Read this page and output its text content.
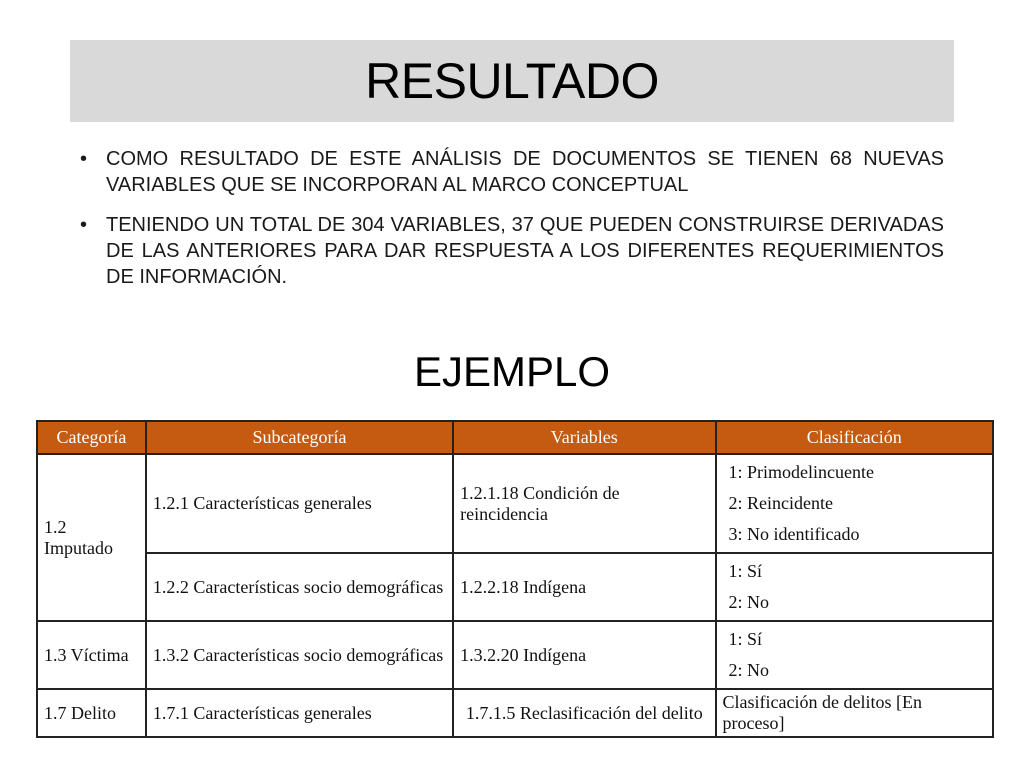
RESULTADO
• COMO RESULTADO DE ESTE ANÁLISIS DE DOCUMENTOS SE TIENEN 68 NUEVAS VARIABLES QUE SE INCORPORAN AL MARCO CONCEPTUAL
• TENIENDO UN TOTAL DE 304 VARIABLES, 37 QUE PUEDEN CONSTRUIRSE DERIVADAS DE LAS ANTERIORES PARA DAR RESPUESTA A LOS DIFERENTES REQUERIMIENTOS DE INFORMACIÓN.
EJEMPLO
Categoría	Subcategoría	Variables	Clasificación
1.2 Imputado	1.2.1 Características generales	1.2.1.18 Condición de reincidencia	1: Primodelincuente
2: Reincidente
3: No identificado

	1.2.2 Características socio demográficas	1.2.2.18 Indígena	1: Sí
2: No

1.3 Víctima	1.3.2 Características socio demográficas	1.3.2.20 Indígena	1: Sí
2: No

1.7 Delito	1.7.1 Características generales	1.7.1.5 Reclasificación del delito	Clasificación de delitos [En proceso]
